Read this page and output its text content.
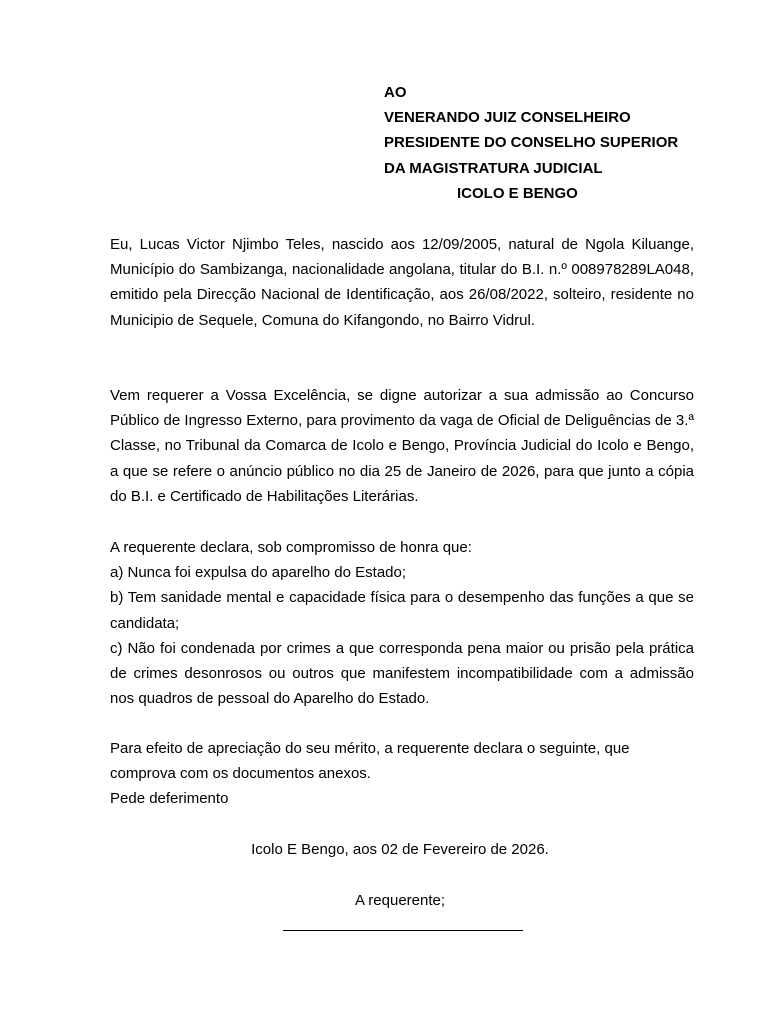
AO
VENERANDO JUIZ CONSELHEIRO
PRESIDENTE DO CONSELHO SUPERIOR
DA MAGISTRATURA JUDICIAL
ICOLO E BENGO

Eu, Lucas Victor Njimbo Teles, nascido aos 12/09/2005, natural de Ngola Kiluange, Município do Sambizanga, nacionalidade angolana, titular do B.I. n.º 008978289LA048, emitido pela Direcção Nacional de Identificação, aos 26/08/2022, solteiro, residente no Municipio de Sequele, Comuna do Kifangondo, no Bairro Vidrul.

Vem requerer a Vossa Excelência, se digne autorizar a sua admissão ao Concurso Público de Ingresso Externo, para provimento da vaga de Oficial de Deliguências de 3.ª Classe, no Tribunal da Comarca de Icolo e Bengo, Província Judicial do Icolo e Bengo, a que se refere o anúncio público no dia 25 de Janeiro de 2026, para que junto a cópia do B.I. e Certificado de Habilitações Literárias.

A requerente declara, sob compromisso de honra que:

a) Nunca foi expulsa do aparelho do Estado;

b) Tem sanidade mental e capacidade física para o desempenho das funções a que se candidata;

c) Não foi condenada por crimes a que corresponda pena maior ou prisão pela prática de crimes desonrosos ou outros que manifestem incompatibilidade com a admissão nos quadros de pessoal do Aparelho do Estado.

Para efeito de apreciação do seu mérito, a requerente declara o seguinte, que

comprova com os documentos anexos.

Pede deferimento

Icolo E Bengo, aos 02 de Fevereiro de 2026.
A requerente;
